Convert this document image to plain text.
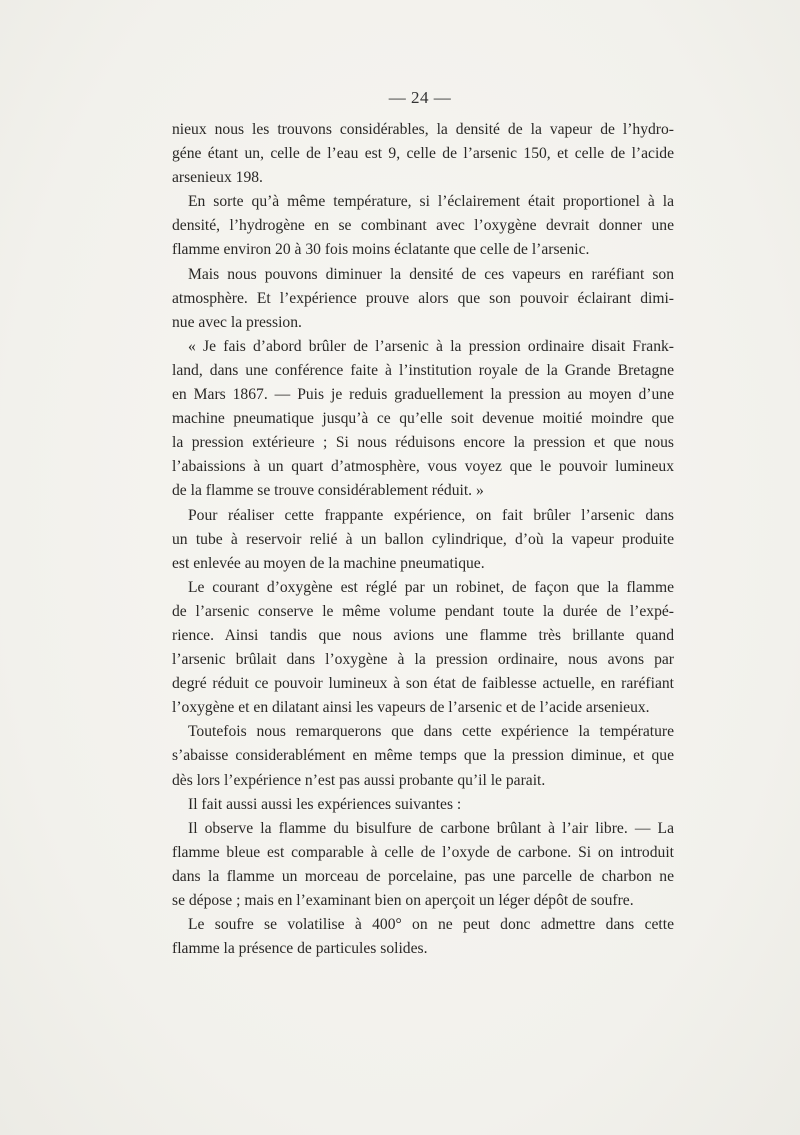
— 24 —
nieux nous les trouvons considérables, la densité de la vapeur de l’hydro-
géne étant un, celle de l’eau est 9, celle de l’arsenic 150, et celle de l’acide
arsenieux 198.
En sorte qu’à même température, si l’éclairement était proportionel à la
densité, l’hydrogène en se combinant avec l’oxygène devrait donner une
flamme environ 20 à 30 fois moins éclatante que celle de l’arsenic.
Mais nous pouvons diminuer la densité de ces vapeurs en raréfiant son
atmosphère. Et l’expérience prouve alors que son pouvoir éclairant dimi-
nue avec la pression.
« Je fais d’abord brûler de l’arsenic à la pression ordinaire disait Frank-
land, dans une conférence faite à l’institution royale de la Grande Bretagne
en Mars 1867. — Puis je reduis graduellement la pression au moyen d’une
machine pneumatique jusqu’à ce qu’elle soit devenue moitié moindre que
la pression extérieure ; Si nous réduisons encore la pression et que nous
l’abaissions à un quart d’atmosphère, vous voyez que le pouvoir lumineux
de la flamme se trouve considérablement réduit. »
Pour réaliser cette frappante expérience, on fait brûler l’arsenic dans
un tube à reservoir relié à un ballon cylindrique, d’où la vapeur produite
est enlevée au moyen de la machine pneumatique.
Le courant d’oxygène est réglé par un robinet, de façon que la flamme
de l’arsenic conserve le même volume pendant toute la durée de l’expé-
rience. Ainsi tandis que nous avions une flamme très brillante quand
l’arsenic brûlait dans l’oxygène à la pression ordinaire, nous avons par
degré réduit ce pouvoir lumineux à son état de faiblesse actuelle, en raréfiant
l’oxygène et en dilatant ainsi les vapeurs de l’arsenic et de l’acide arsenieux.
Toutefois nous remarquerons que dans cette expérience la température
s’abaisse considerablément en même temps que la pression diminue, et que
dès lors l’expérience n’est pas aussi probante qu’il le parait.
Il fait aussi aussi les expériences suivantes :
Il observe la flamme du bisulfure de carbone brûlant à l’air libre. — La
flamme bleue est comparable à celle de l’oxyde de carbone. Si on introduit
dans la flamme un morceau de porcelaine, pas une parcelle de charbon ne
se dépose ; mais en l’examinant bien on aperçoit un léger dépôt de soufre.
Le soufre se volatilise à 400° on ne peut donc admettre dans cette
flamme la présence de particules solides.
